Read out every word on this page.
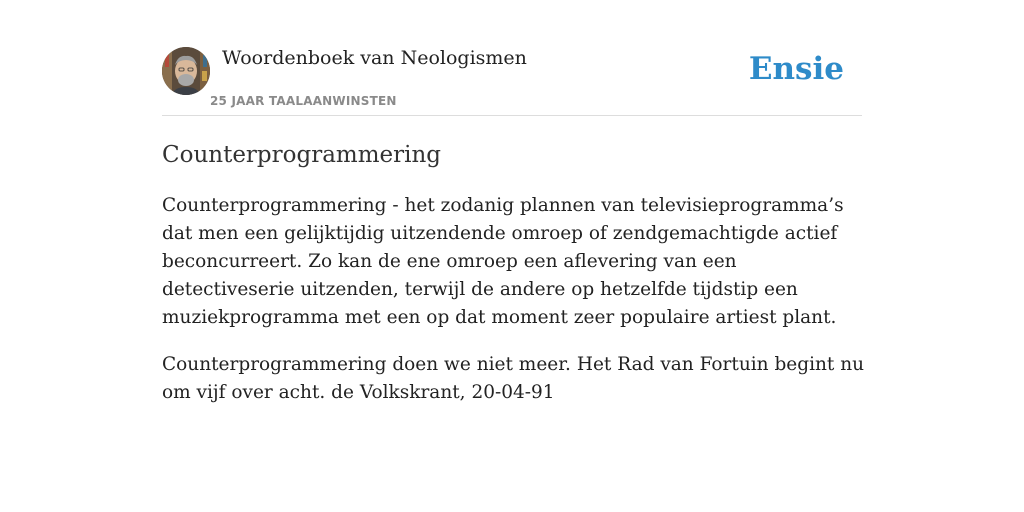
Woordenboek van Neologismen
25 JAAR TAALAANWINSTEN
Ensie
Counterprogrammering

Counterprogrammering - het zodanig plannen van televisieprogramma’s dat men een gelijktijdig uitzendende omroep of zendgemachtigde actief beconcurreert. Zo kan de ene omroep een aflevering van een detectiveserie uitzenden, terwijl de andere op hetzelfde tijdstip een muziekprogramma met een op dat moment zeer populaire artiest plant.

Counterprogrammering doen we niet meer. Het Rad van Fortuin begint nu om vijf over acht. de Volkskrant, 20-04-91
